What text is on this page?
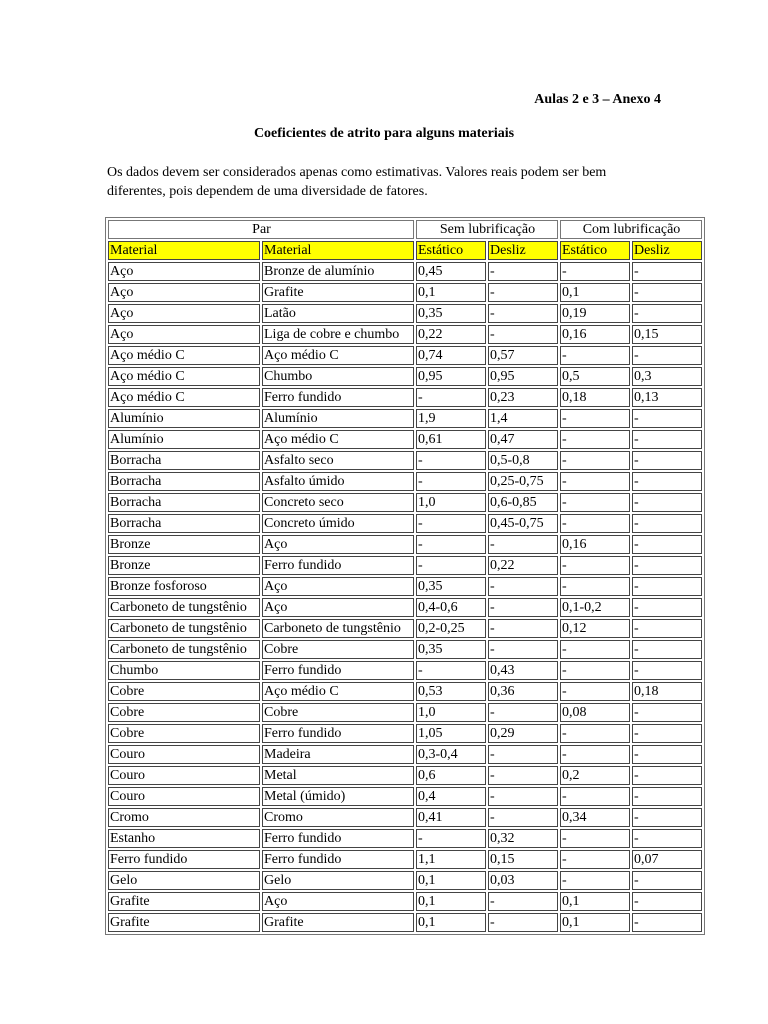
Aulas 2 e 3 – Anexo 4
Coeficientes de atrito para alguns materiais
Os dados devem ser considerados apenas como estimativas. Valores reais podem ser bem diferentes, pois dependem de uma diversidade de fatores.
Par		Sem lubrificação		Com lubrificação	
Material	Material	Estático	Desliz	Estático	Desliz
Aço	Bronze de alumínio	0,45	-	-	-
Aço	Grafite	0,1	-	0,1	-
Aço	Latão	0,35	-	0,19	-
Aço	Liga de cobre e chumbo	0,22	-	0,16	0,15
Aço médio C	Aço médio C	0,74	0,57	-	-
Aço médio C	Chumbo	0,95	0,95	0,5	0,3
Aço médio C	Ferro fundido	-	0,23	0,18	0,13
Alumínio	Alumínio	1,9	1,4	-	-
Alumínio	Aço médio C	0,61	0,47	-	-
Borracha	Asfalto seco	-	0,5-0,8	-	-
Borracha	Asfalto úmido	-	0,25-0,75	-	-
Borracha	Concreto seco	1,0	0,6-0,85	-	-
Borracha	Concreto úmido	-	0,45-0,75	-	-
Bronze	Aço	-	-	0,16	-
Bronze	Ferro fundido	-	0,22	-	-
Bronze fosforoso	Aço	0,35	-	-	-
Carboneto de tungstênio	Aço	0,4-0,6	-	0,1-0,2	-
Carboneto de tungstênio	Carboneto de tungstênio	0,2-0,25	-	0,12	-
Carboneto de tungstênio	Cobre	0,35	-	-	-
Chumbo	Ferro fundido	-	0,43	-	-
Cobre	Aço médio C	0,53	0,36	-	0,18
Cobre	Cobre	1,0	-	0,08	-
Cobre	Ferro fundido	1,05	0,29	-	-
Couro	Madeira	0,3-0,4	-	-	-
Couro	Metal	0,6	-	0,2	-
Couro	Metal (úmido)	0,4	-	-	-
Cromo	Cromo	0,41	-	0,34	-
Estanho	Ferro fundido	-	0,32	-	-
Ferro fundido	Ferro fundido	1,1	0,15	-	0,07
Gelo	Gelo	0,1	0,03	-	-
Grafite	Aço	0,1	-	0,1	-
Grafite	Grafite	0,1	-	0,1	-
